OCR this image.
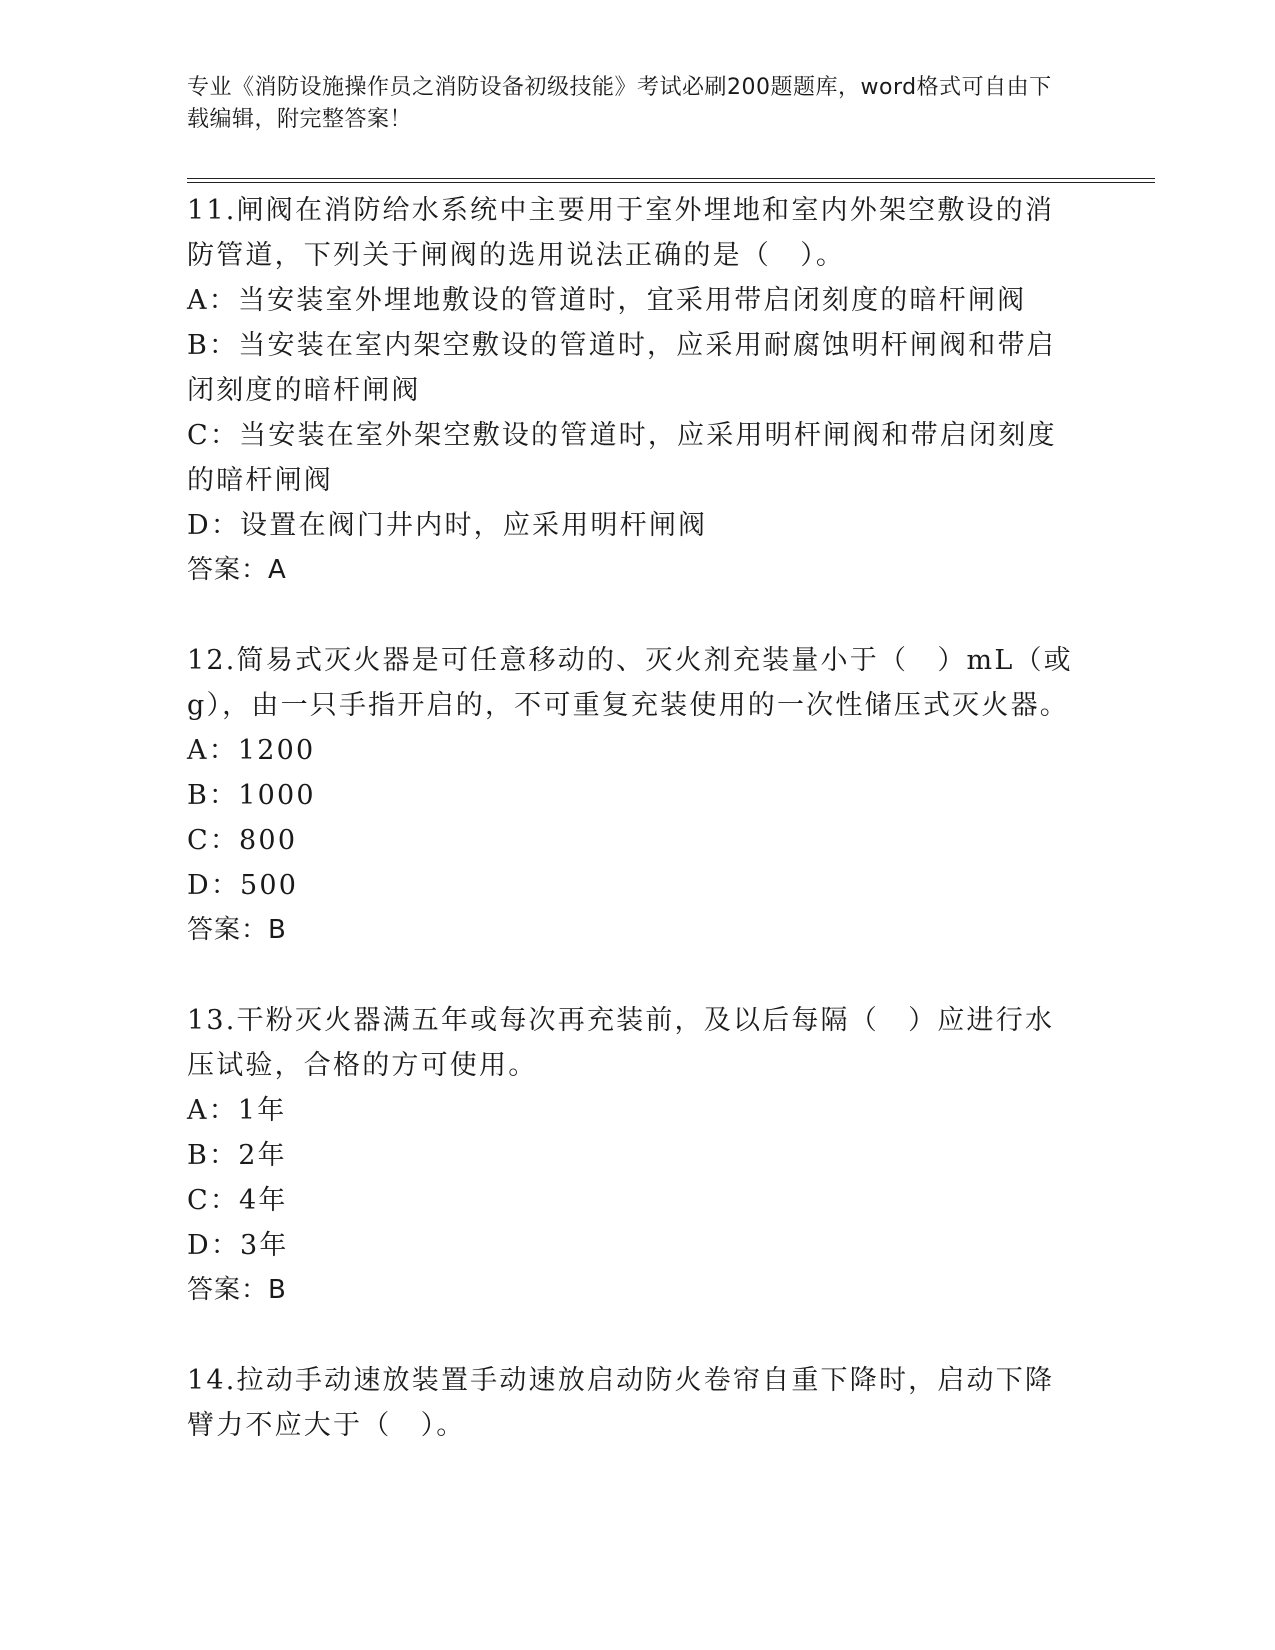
专业《消防设施操作员之消防设备初级技能》考试必刷200题题库，word格式可自由下载编辑，附完整答案！

11.闸阀在消防给水系统中主要用于室外埋地和室内外架空敷设的消防管道，下列关于闸阀的选用说法正确的是（　）。

A：当安装室外埋地敷设的管道时，宜采用带启闭刻度的暗杆闸阀

B：当安装在室内架空敷设的管道时，应采用耐腐蚀明杆闸阀和带启闭刻度的暗杆闸阀

C：当安装在室外架空敷设的管道时，应采用明杆闸阀和带启闭刻度的暗杆闸阀

D：设置在阀门井内时，应采用明杆闸阀

答案：A

12.简易式灭火器是可任意移动的、灭火剂充装量小于（　）mL（或g），由一只手指开启的，不可重复充装使用的一次性储压式灭火器。

A：1200

B：1000

C：800

D：500

答案：B

13.干粉灭火器满五年或每次再充装前，及以后每隔（　）应进行水压试验，合格的方可使用。

A：1年

B：2年

C：4年

D：3年

答案：B

14.拉动手动速放装置手动速放启动防火卷帘自重下降时，启动下降臂力不应大于（　）。
